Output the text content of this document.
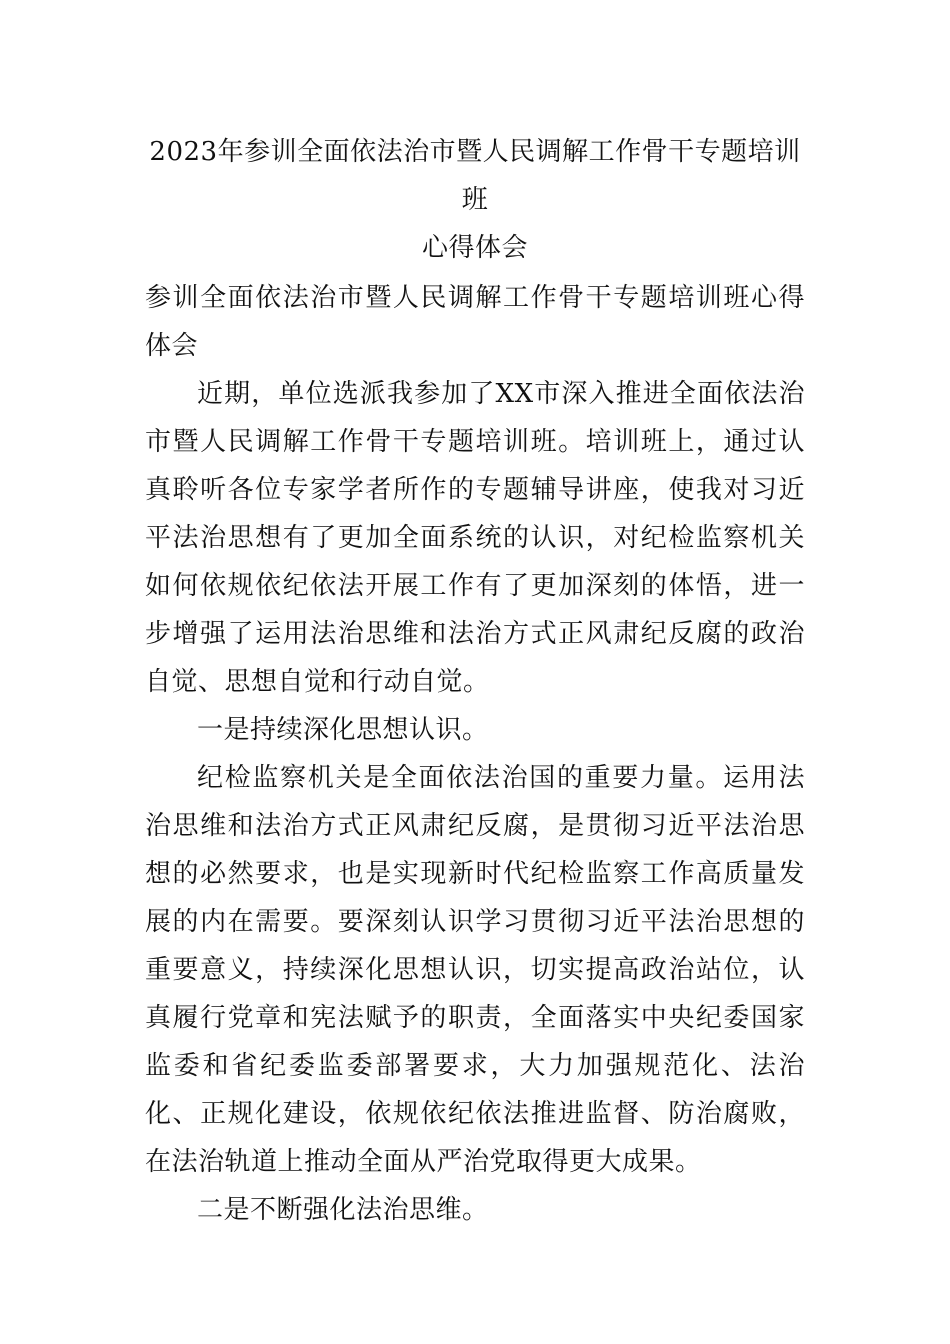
2023年参训全面依法治市暨人民调解工作骨干专题培训班
心得体会

参训全面依法治市暨人民调解工作骨干专题培训班心得体会

近期，单位选派我参加了XX市深入推进全面依法治市暨人民调解工作骨干专题培训班。培训班上，通过认真聆听各位专家学者所作的专题辅导讲座，使我对习近平法治思想有了更加全面系统的认识，对纪检监察机关如何依规依纪依法开展工作有了更加深刻的体悟，进一步增强了运用法治思维和法治方式正风肃纪反腐的政治自觉、思想自觉和行动自觉。

一是持续深化思想认识。

纪检监察机关是全面依法治国的重要力量。运用法治思维和法治方式正风肃纪反腐，是贯彻习近平法治思想的必然要求，也是实现新时代纪检监察工作高质量发展的内在需要。要深刻认识学习贯彻习近平法治思想的重要意义，持续深化思想认识，切实提高政治站位，认真履行党章和宪法赋予的职责，全面落实中央纪委国家监委和省纪委监委部署要求，大力加强规范化、法治化、正规化建设，依规依纪依法推进监督、防治腐败，在法治轨道上推动全面从严治党取得更大成果。

二是不断强化法治思维。
